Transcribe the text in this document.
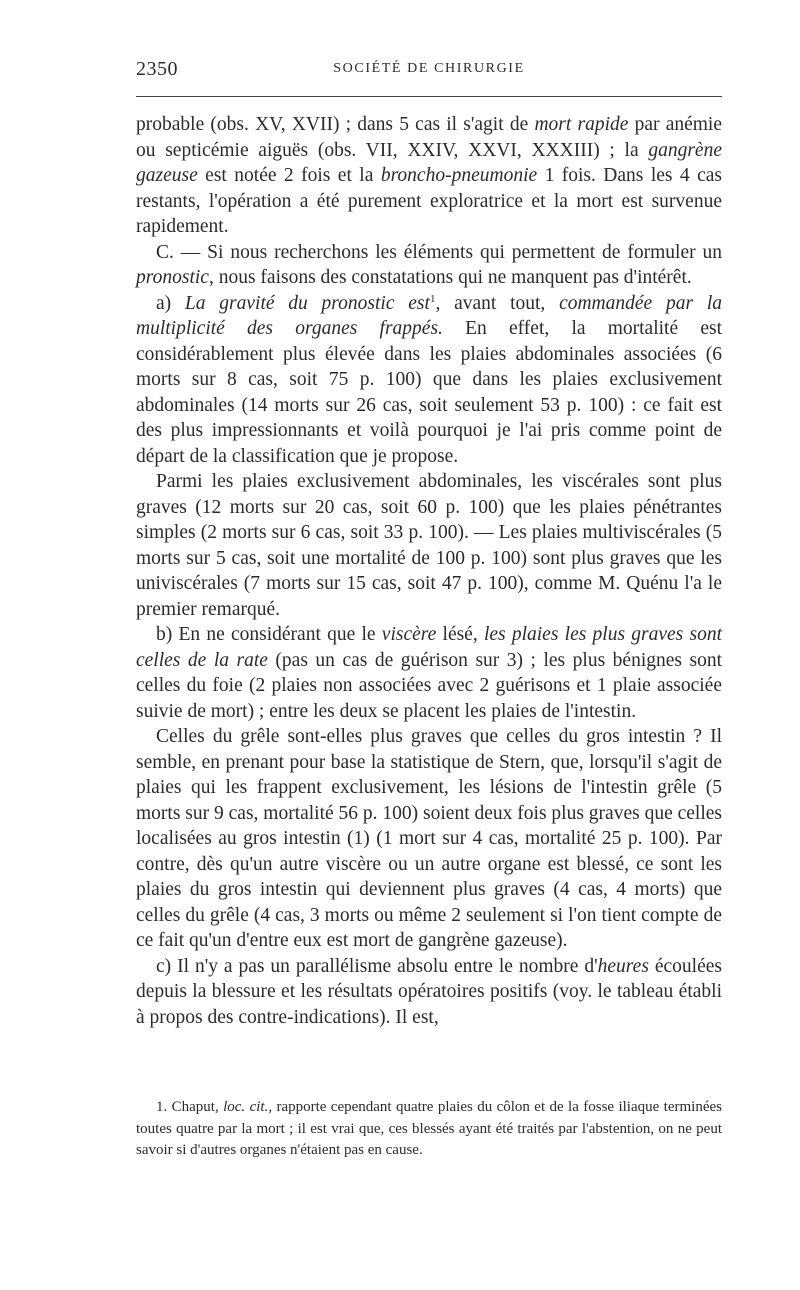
2350	SOCIÉTÉ DE CHIRURGIE

probable (obs. XV, XVII) ; dans 5 cas il s'agit de mort rapide par anémie ou septicémie aiguës (obs. VII, XXIV, XXVI, XXXIII) ; la gangrène gazeuse est notée 2 fois et la broncho-pneumonie 1 fois. Dans les 4 cas restants, l'opération a été purement exploratrice et la mort est survenue rapidement.

C. — Si nous recherchons les éléments qui permettent de formuler un pronostic, nous faisons des constatations qui ne manquent pas d'intérêt.

a) La gravité du pronostic est$^1$, avant tout, commandée par la multiplicité des organes frappés. En effet, la mortalité est considérablement plus élevée dans les plaies abdominales associées (6 morts sur 8 cas, soit 75 p. 100) que dans les plaies exclusivement abdominales (14 morts sur 26 cas, soit seulement 53 p. 100) : ce fait est des plus impressionnants et voilà pourquoi je l'ai pris comme point de départ de la classification que je propose.

Parmi les plaies exclusivement abdominales, les viscérales sont plus graves (12 morts sur 20 cas, soit 60 p. 100) que les plaies pénétrantes simples (2 morts sur 6 cas, soit 33 p. 100). — Les plaies multiviscérales (5 morts sur 5 cas, soit une mortalité de 100 p. 100) sont plus graves que les univiscérales (7 morts sur 15 cas, soit 47 p. 100), comme M. Quénu l'a le premier remarqué.

b) En ne considérant que le viscère lésé, les plaies les plus graves sont celles de la rate (pas un cas de guérison sur 3) ; les plus bénignes sont celles du foie (2 plaies non associées avec 2 guérisons et 1 plaie associée suivie de mort) ; entre les deux se placent les plaies de l'intestin.

Celles du grêle sont-elles plus graves que celles du gros intestin ? Il semble, en prenant pour base la statistique de Stern, que, lorsqu'il s'agit de plaies qui les frappent exclusivement, les lésions de l'intestin grêle (5 morts sur 9 cas, mortalité 56 p. 100) soient deux fois plus graves que celles localisées au gros intestin (1) (1 mort sur 4 cas, mortalité 25 p. 100). Par contre, dès qu'un autre viscère ou un autre organe est blessé, ce sont les plaies du gros intestin qui deviennent plus graves (4 cas, 4 morts) que celles du grêle (4 cas, 3 morts ou même 2 seulement si l'on tient compte de ce fait qu'un d'entre eux est mort de gangrène gazeuse).

c) Il n'y a pas un parallélisme absolu entre le nombre d'heures écoulées depuis la blessure et les résultats opératoires positifs (voy. le tableau établi à propos des contre-indications). Il est,

1. Chaput, loc. cit., rapporte cependant quatre plaies du côlon et de la fosse iliaque terminées toutes quatre par la mort ; il est vrai que, ces blessés ayant été traités par l'abstention, on ne peut savoir si d'autres organes n'étaient pas en cause.
